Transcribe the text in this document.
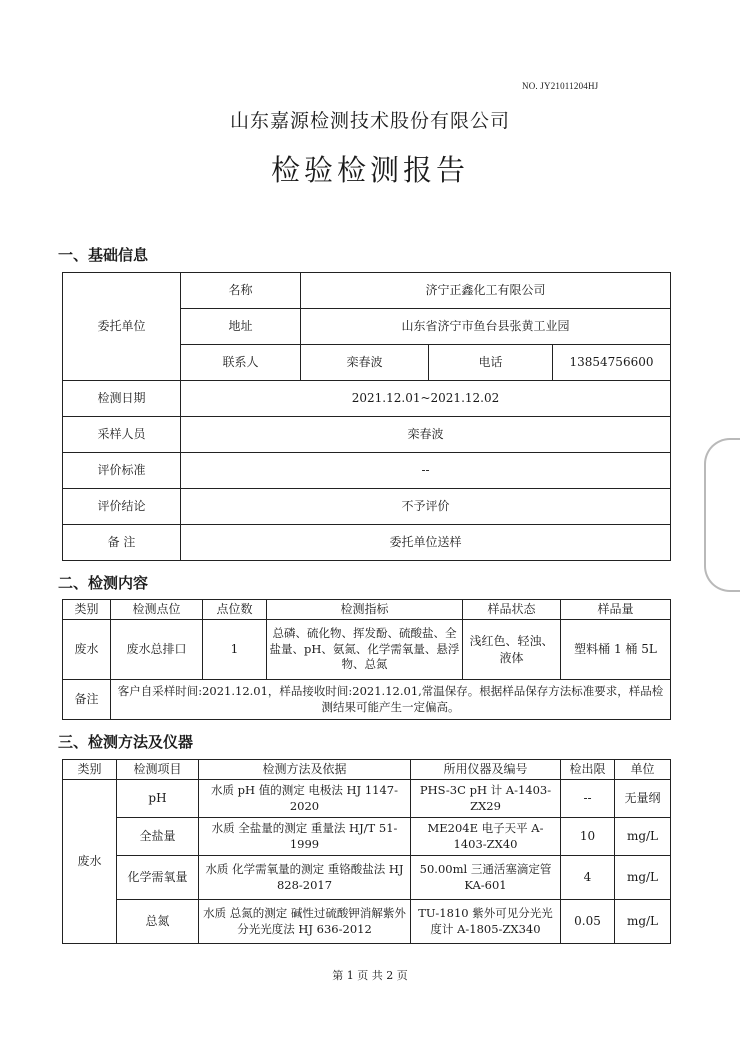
NO. JY21011204HJ
山东嘉源检测技术股份有限公司
检验检测报告
一、基础信息
委托单位	名称	济宁正鑫化工有限公司		
	地址	山东省济宁市鱼台县张黄工业园		
	联系人	栾春波	电话	13854756600
检测日期	2021.12.01~2021.12.02			
采样人员	栾春波			
评价标准	--			
评价结论	不予评价			
备 注	委托单位送样			
二、检测内容
类别	检测点位	点位数	检测指标	样品状态	样品量
废水	废水总排口	1	总磷、硫化物、挥发酚、硫酸盐、全盐量、pH、氨氮、化学需氧量、悬浮物、总氮	浅红色、轻浊、液体	塑料桶 1 桶 5L
备注	客户自采样时间:2021.12.01，样品接收时间:2021.12.01,常温保存。根据样品保存方法标准要求，样品检测结果可能产生一定偏高。				
三、检测方法及仪器
类别	检测项目	检测方法及依据	所用仪器及编号	检出限	单位
废水	pH	水质 pH 值的测定 电极法 HJ 1147-2020	PHS-3C pH 计 A-1403-ZX29	--	无量纲
	全盐量	水质 全盐量的测定 重量法 HJ/T 51-1999	ME204E 电子天平 A-1403-ZX40	10	mg/L
	化学需氧量	水质 化学需氧量的测定 重铬酸盐法 HJ 828-2017	50.00ml 三通活塞滴定管 KA-601	4	mg/L
	总氮	水质 总氮的测定 碱性过硫酸钾消解紫外分光光度法 HJ 636-2012	TU-1810 紫外可见分光光度计 A-1805-ZX340	0.05	mg/L
第 1 页 共 2 页
